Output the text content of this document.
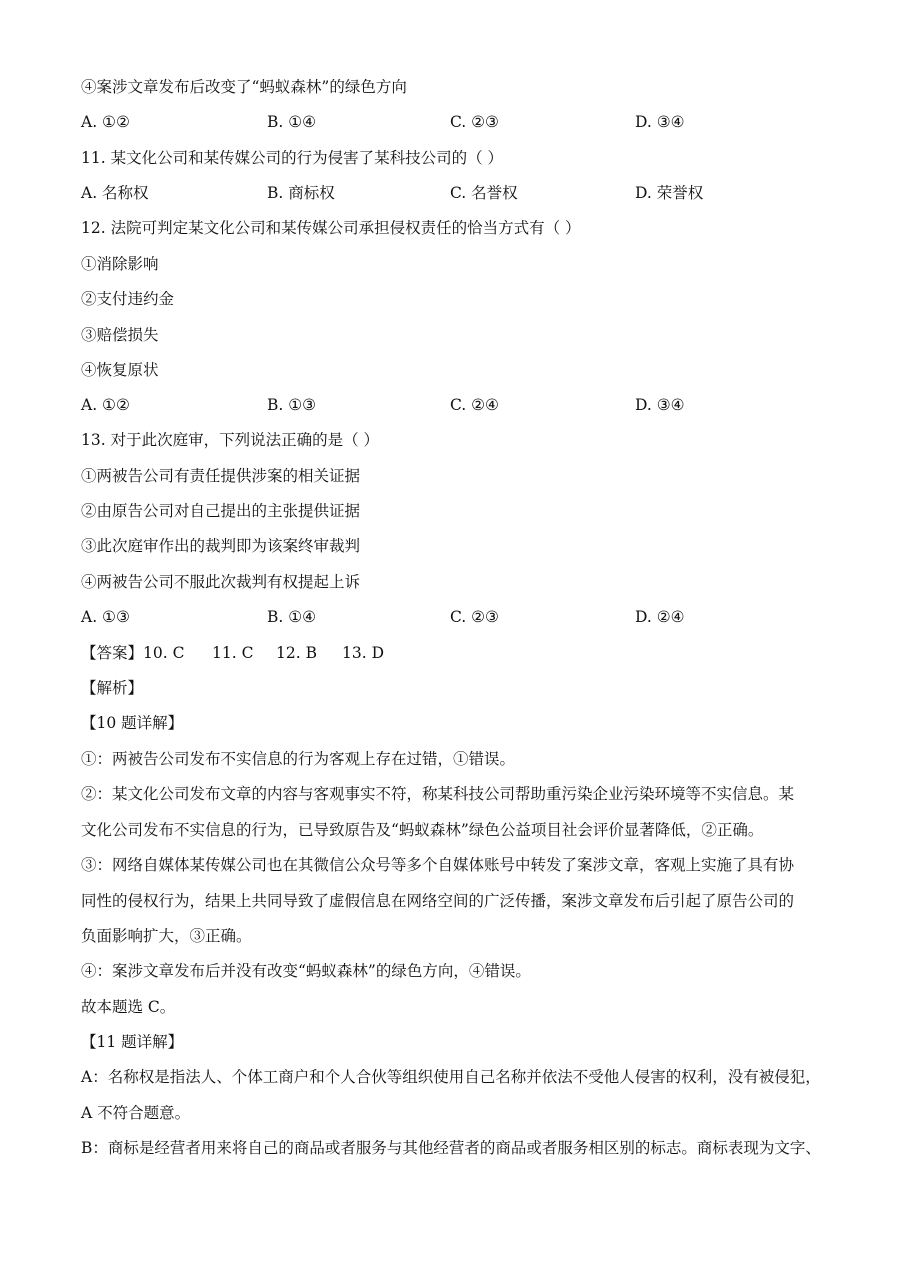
④案涉文章发布后改变了“蚂蚁森林”的绿色方向
A. ①②	B. ①④	C. ②③	D. ③④
11. 某文化公司和某传媒公司的行为侵害了某科技公司的（ ）
A. 名称权	B. 商标权	C. 名誉权	D. 荣誉权
12. 法院可判定某文化公司和某传媒公司承担侵权责任的恰当方式有（ ）
①消除影响
②支付违约金
③赔偿损失
④恢复原状
A. ①②	B. ①③	C. ②④	D. ③④
13. 对于此次庭审，下列说法正确的是（ ）
①两被告公司有责任提供涉案的相关证据
②由原告公司对自己提出的主张提供证据
③此次庭审作出的裁判即为该案终审裁判
④两被告公司不服此次裁判有权提起上诉
A. ①③	B. ①④	C. ②③	D. ②④
【答案】10. C 11. C 12. B 13. D
【解析】
【10 题详解】
①：两被告公司发布不实信息的行为客观上存在过错，①错误。
②：某文化公司发布文章的内容与客观事实不符，称某科技公司帮助重污染企业污染环境等不实信息。某
文化公司发布不实信息的行为，已导致原告及“蚂蚁森林”绿色公益项目社会评价显著降低，②正确。
③：网络自媒体某传媒公司也在其微信公众号等多个自媒体账号中转发了案涉文章，客观上实施了具有协
同性的侵权行为，结果上共同导致了虚假信息在网络空间的广泛传播，案涉文章发布后引起了原告公司的
负面影响扩大，③正确。
④：案涉文章发布后并没有改变“蚂蚁森林”的绿色方向，④错误。
故本题选 C。
【11 题详解】
A：名称权是指法人、个体工商户和个人合伙等组织使用自己名称并依法不受他人侵害的权利，没有被侵犯，
A 不符合题意。
B：商标是经营者用来将自己的商品或者服务与其他经营者的商品或者服务相区别的标志。商标表现为文字、
